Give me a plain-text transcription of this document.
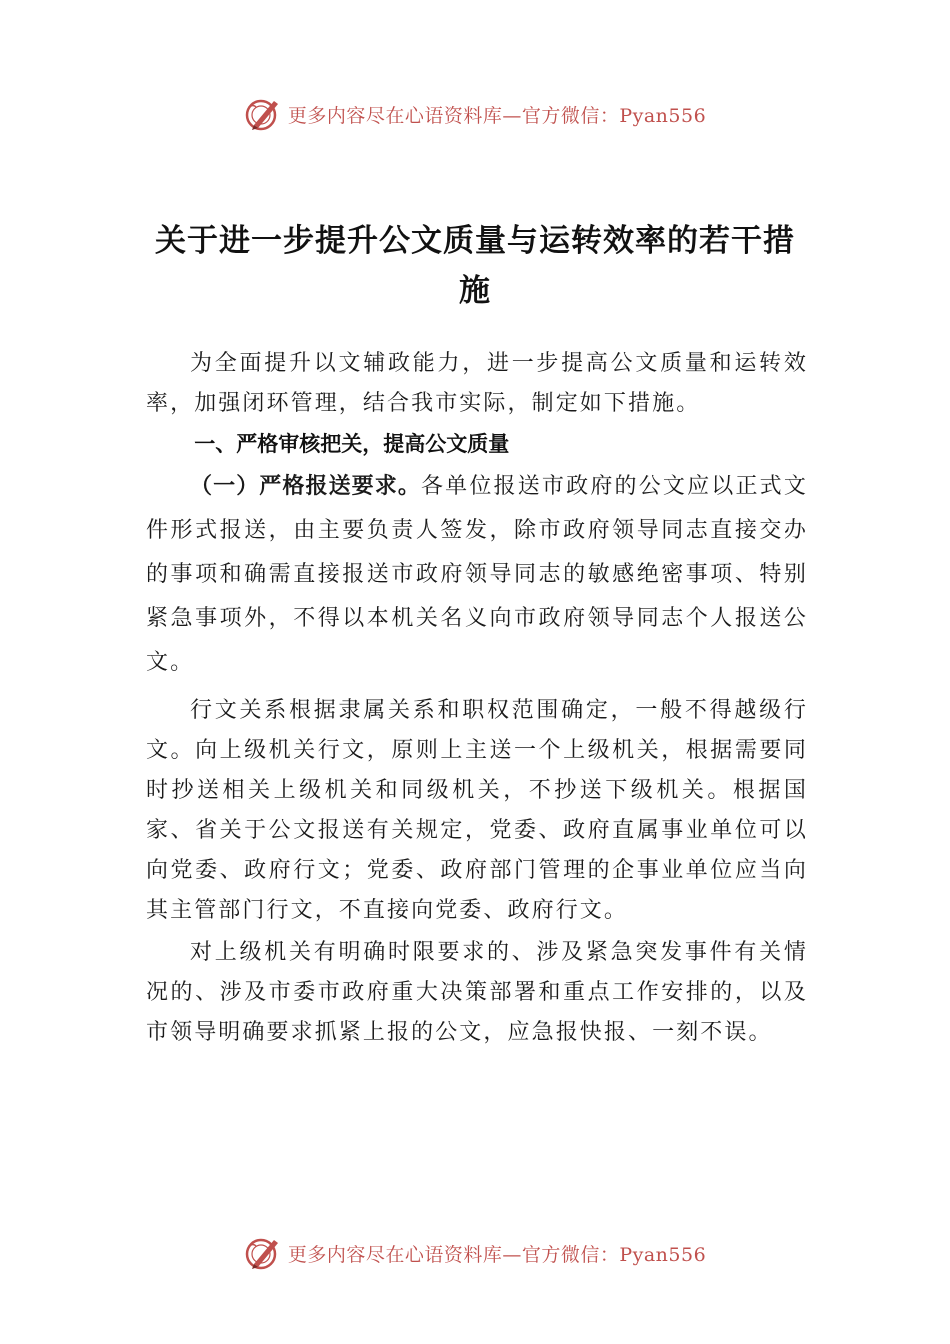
更多内容尽在心语资料库—官方微信：Pyan556
关于进一步提升公文质量与运转效率的若干措施

为全面提升以文辅政能力，进一步提高公文质量和运转效率，加强闭环管理，结合我市实际，制定如下措施。

一、严格审核把关，提高公文质量

（一）严格报送要求。各单位报送市政府的公文应以正式文件形式报送，由主要负责人签发，除市政府领导同志直接交办的事项和确需直接报送市政府领导同志的敏感绝密事项、特别紧急事项外，不得以本机关名义向市政府领导同志个人报送公文。

行文关系根据隶属关系和职权范围确定，一般不得越级行文。向上级机关行文，原则上主送一个上级机关，根据需要同时抄送相关上级机关和同级机关，不抄送下级机关。根据国家、省关于公文报送有关规定，党委、政府直属事业单位可以向党委、政府行文；党委、政府部门管理的企事业单位应当向其主管部门行文，不直接向党委、政府行文。

对上级机关有明确时限要求的、涉及紧急突发事件有关情况的、涉及市委市政府重大决策部署和重点工作安排的，以及市领导明确要求抓紧上报的公文，应急报快报、一刻不误。

更多内容尽在心语资料库—官方微信：Pyan556
